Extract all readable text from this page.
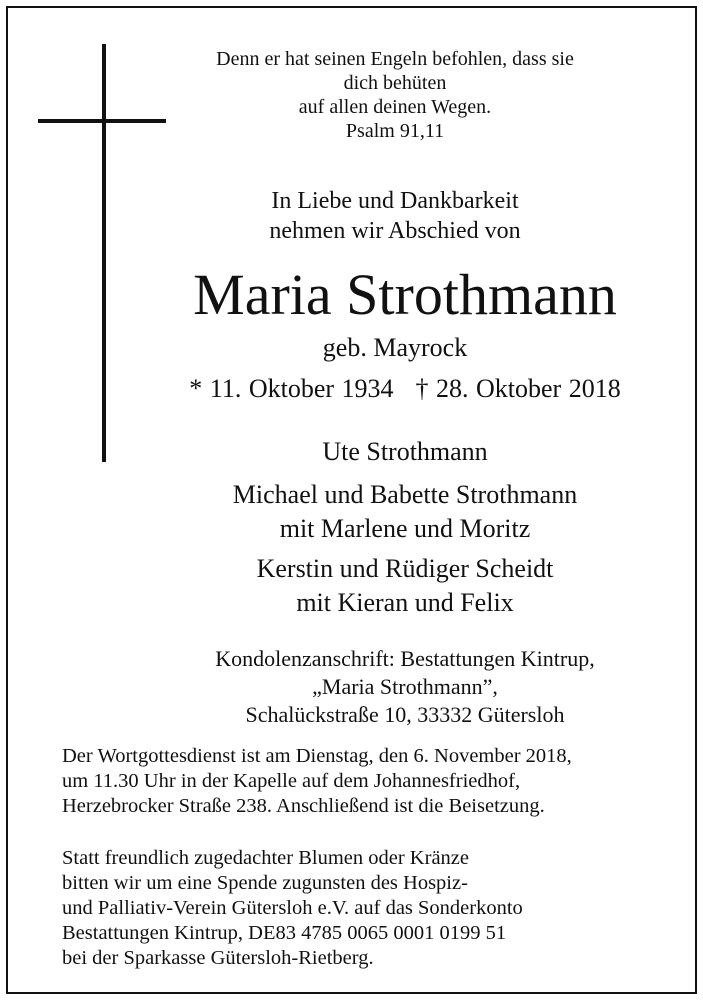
Denn er hat seinen Engeln befohlen, dass sie
dich behüten
auf allen deinen Wegen.
Psalm 91,11
In Liebe und Dankbarkeit
nehmen wir Abschied von
Maria Strothmann
geb. Mayrock
* 11. Oktober 1934 † 28. Oktober 2018
Ute Strothmann
Michael und Babette Strothmann
mit Marlene und Moritz
Kerstin und Rüdiger Scheidt
mit Kieran und Felix
Kondolenzanschrift: Bestattungen Kintrup,
„Maria Strothmann”,
Schalückstraße 10, 33332 Gütersloh
Der Wortgottesdienst ist am Dienstag, den 6. November 2018,
um 11.30 Uhr in der Kapelle auf dem Johannesfriedhof,
Herzebrocker Straße 238. Anschließend ist die Beisetzung.
Statt freundlich zugedachter Blumen oder Kränze
bitten wir um eine Spende zugunsten des Hospiz-
und Palliativ-Verein Gütersloh e.V. auf das Sonderkonto
Bestattungen Kintrup, DE83 4785 0065 0001 0199 51
bei der Sparkasse Gütersloh-Rietberg.
